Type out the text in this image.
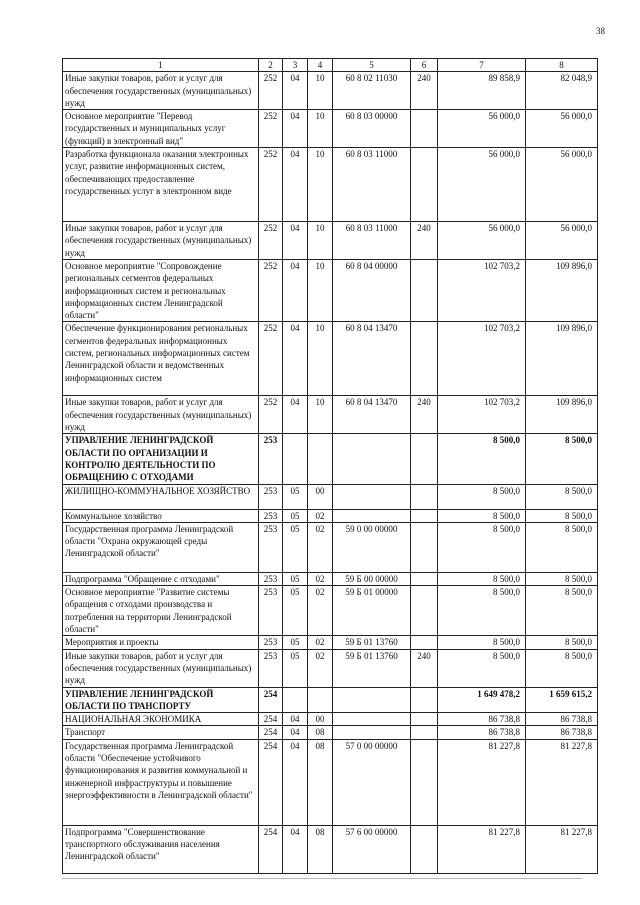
38
1	2	3	4	5	6	7	8
Иные закупки товаров, работ и услуг для обеспечения государственных (муниципальных) нужд	252	04	10	60 8 02 11030	240	89 858,9	82 048,9
Основное мероприятие "Перевод государственных и муниципальных услуг (функций) в электронный вид"	252	04	10	60 8 03 00000		56 000,0	56 000,0
Разработка функционала оказания электронных услуг, развитие информационных систем, обеспечивающих предоставление государственных услуг в электронном виде	252	04	10	60 8 03 11000		56 000,0	56 000,0
Иные закупки товаров, работ и услуг для обеспечения государственных (муниципальных) нужд	252	04	10	60 8 03 11000	240	56 000,0	56 000,0
Основное мероприятие "Сопровождение региональных сегментов федеральных информационных систем и региональных информационных систем Ленинградской области"	252	04	10	60 8 04 00000		102 703,2	109 896,0
Обеспечение функционирования региональных сегментов федеральных информационных систем, региональных информационных систем Ленинградской области и ведомственных информационных систем	252	04	10	60 8 04 13470		102 703,2	109 896,0
Иные закупки товаров, работ и услуг для обеспечения государственных (муниципальных) нужд	252	04	10	60 8 04 13470	240	102 703,2	109 896,0
УПРАВЛЕНИЕ ЛЕНИНГРАДСКОЙ ОБЛАСТИ ПО ОРГАНИЗАЦИИ И КОНТРОЛЮ ДЕЯТЕЛЬНОСТИ ПО ОБРАЩЕНИЮ С ОТХОДАМИ	253					8 500,0	8 500,0
ЖИЛИЩНО-КОММУНАЛЬНОЕ ХОЗЯЙСТВО	253	05	00			8 500,0	8 500,0
Коммунальное хозяйство	253	05	02			8 500,0	8 500,0
Государственная программа Ленинградской области "Охрана окружающей среды Ленинградской области"	253	05	02	59 0 00 00000		8 500,0	8 500,0
Подпрограмма "Обращение с отходами"	253	05	02	59 Б 00 00000		8 500,0	8 500,0
Основное мероприятие "Развитие системы обращения с отходами производства и потребления на территории Ленинградской области"	253	05	02	59 Б 01 00000		8 500,0	8 500,0
Мероприятия и проекты	253	05	02	59 Б 01 13760		8 500,0	8 500,0
Иные закупки товаров, работ и услуг для обеспечения государственных (муниципальных) нужд	253	05	02	59 Б 01 13760	240	8 500,0	8 500,0
УПРАВЛЕНИЕ ЛЕНИНГРАДСКОЙ ОБЛАСТИ ПО ТРАНСПОРТУ	254					1 649 478,2	1 659 615,2
НАЦИОНАЛЬНАЯ ЭКОНОМИКА	254	04	00			86 738,8	86 738,8
Транспорт	254	04	08			86 738,8	86 738,8
Государственная программа Ленинградской области "Обеспечение устойчивого функционирования и развития коммунальной и инженерной инфраструктуры и повышение энергоэффективности в Ленинградской области"	254	04	08	57 0 00 00000		81 227,8	81 227,8
Подпрограмма "Совершенствование транспортного обслуживания населения Ленинградской области"	254	04	08	57 6 00 00000		81 227,8	81 227,8
